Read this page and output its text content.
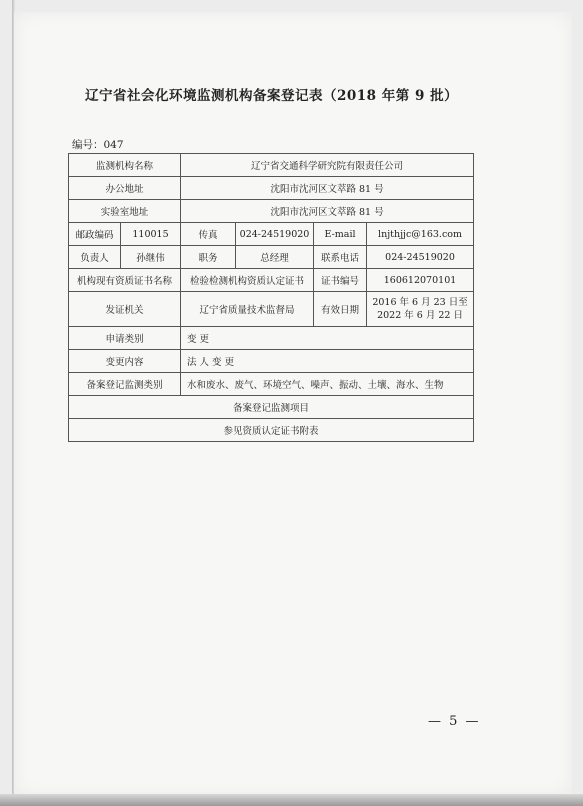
辽宁省社会化环境监测机构备案登记表（2018 年第 9 批）
编号：047
监测机构名称		辽宁省交通科学研究院有限责任公司			
办公地址		沈阳市沈河区文萃路 81 号			
实验室地址		沈阳市沈河区文萃路 81 号			
邮政编码	110015	传真	024-24519020	E-mail	lnjthjjc@163.com
负责人	孙继伟	职务	总经理	联系电话	024-24519020
机构现有资质证书名称		检验检测机构资质认定证书		证书编号	160612070101
发证机关		辽宁省质量技术监督局		有效日期	2016 年 6 月 23 日至
2022 年 6 月 22 日

申请类别		变 更			
变更内容		法 人 变 更			
备案登记监测类别		水和废水、废气、环境空气、噪声、振动、土壤、海水、生物			
备案登记监测项目					
参见资质认定证书附表					
— 5 —
